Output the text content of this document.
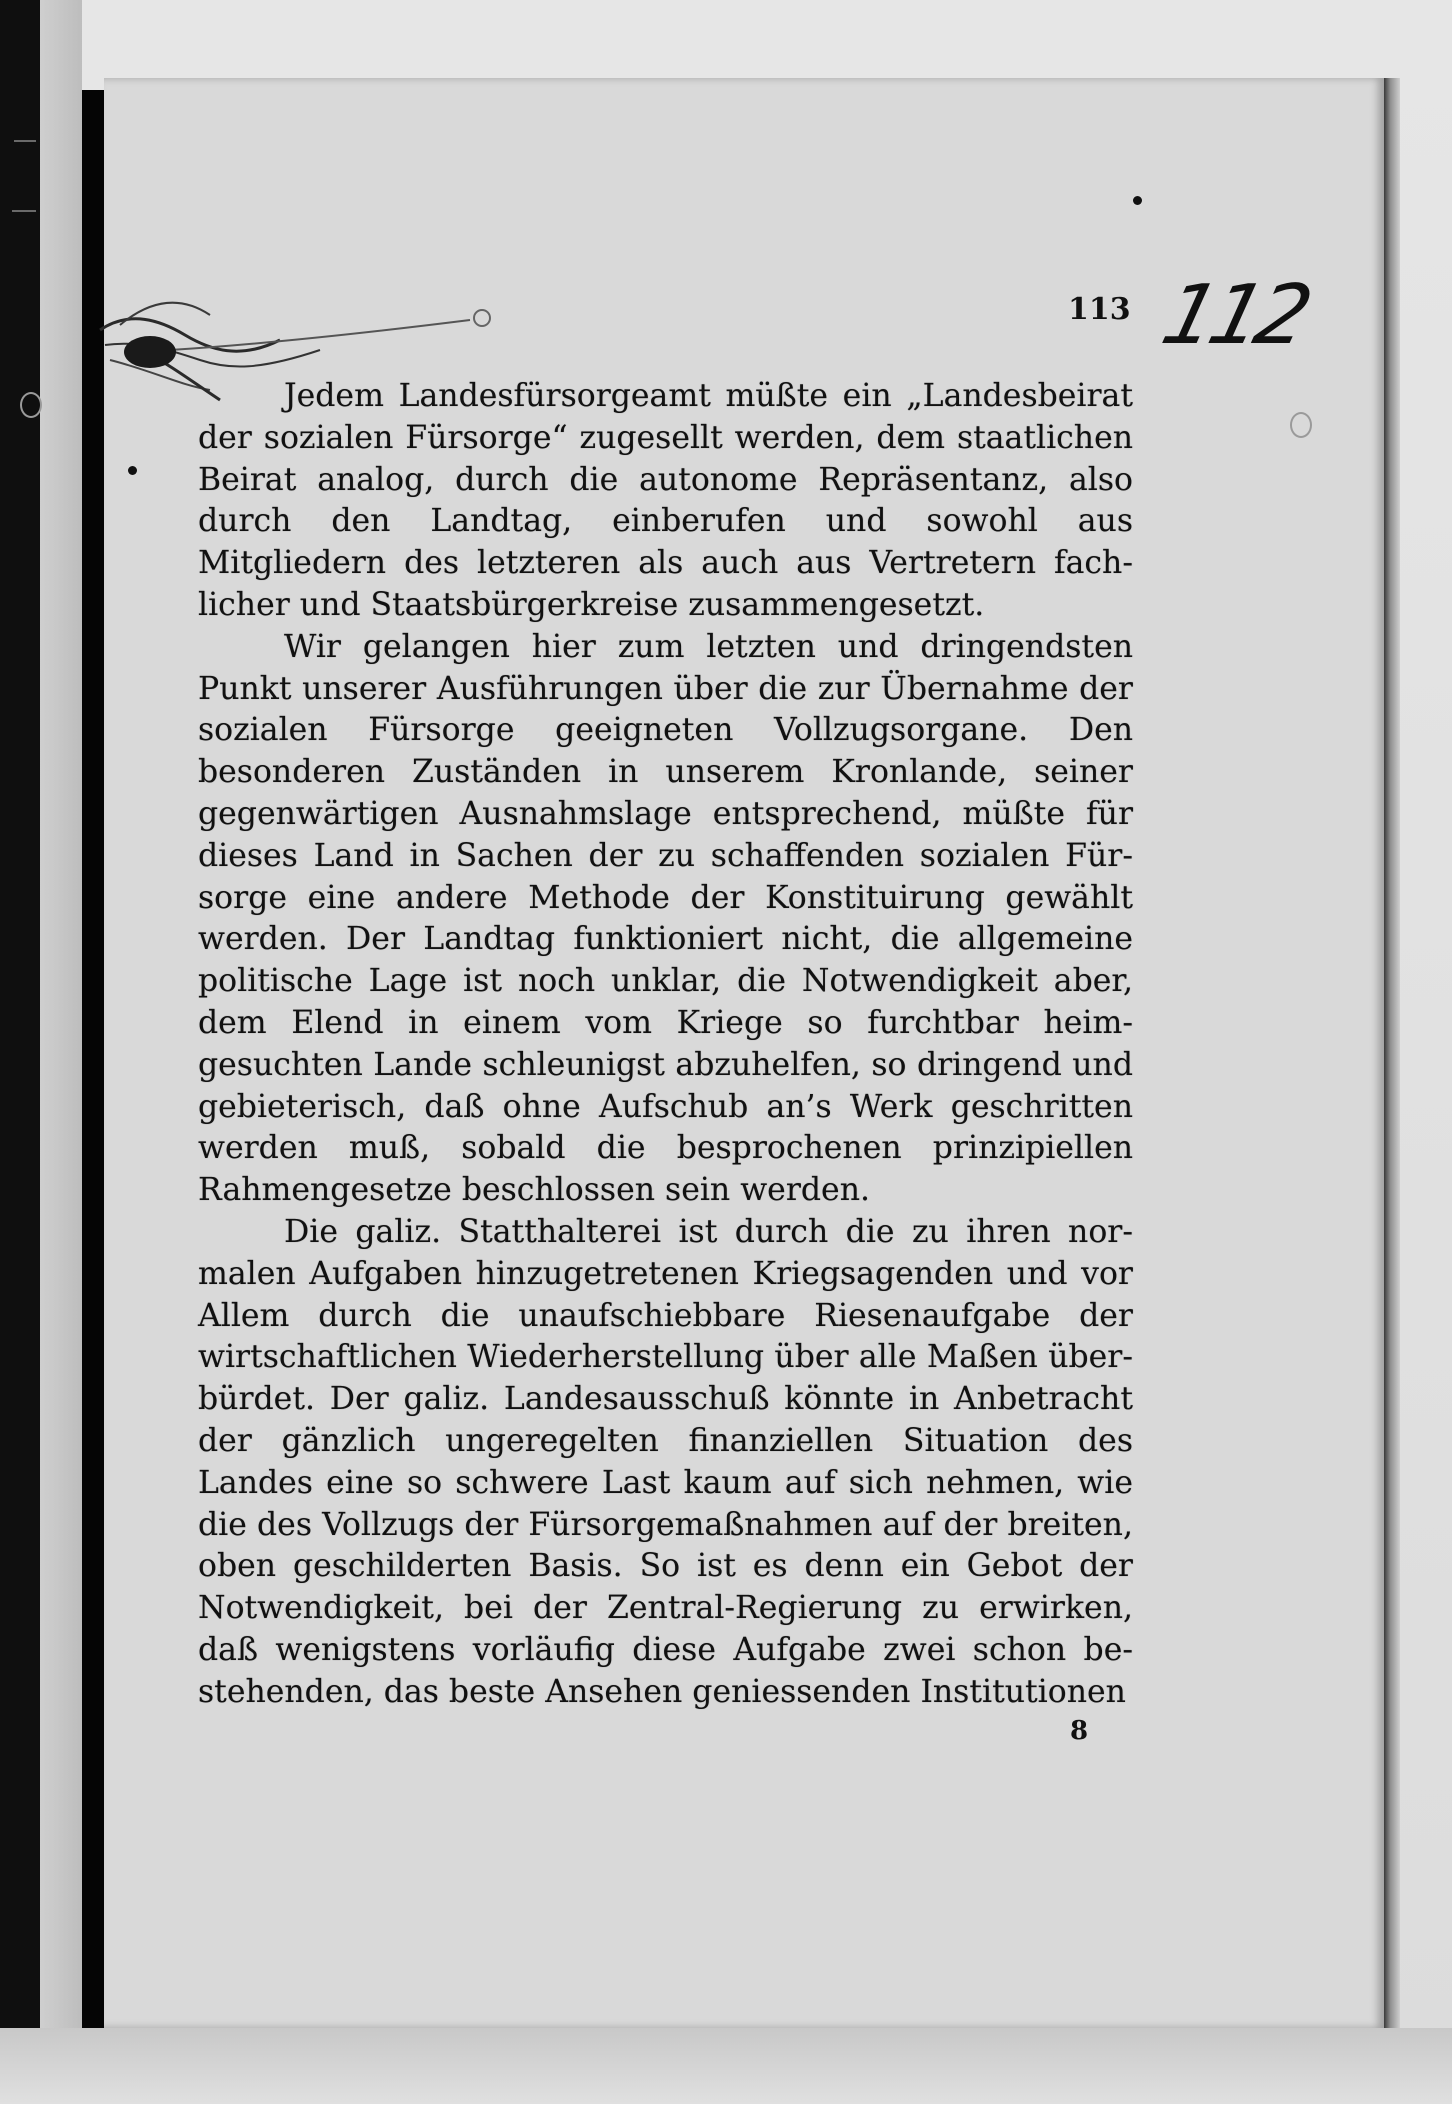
113 112

Jedem Landesfürsorgeamt müßte ein „Landesbeirat der sozialen Fürsorge“ zugesellt werden, dem staatlichen Beirat analog, durch die autonome Repräsentanz, also durch den Landtag, einberufen und sowohl aus Mitgliedern des letzteren als auch aus Vertretern fachlicher und Staatsbürgerkreise zusammengesetzt.

Wir gelangen hier zum letzten und dringendsten Punkt unserer Ausführungen über die zur Übernahme der sozialen Fürsorge geeigneten Vollzugsorgane. Den besonderen Zuständen in unserem Kronlande, seiner gegenwärtigen Ausnahmslage entsprechend, müßte für dieses Land in Sachen der zu schaffenden sozialen Fürsorge eine andere Methode der Konstituirung gewählt werden. Der Landtag funktioniert nicht, die allgemeine politische Lage ist noch unklar, die Notwendigkeit aber, dem Elend in einem vom Kriege so furchtbar heimgesuchten Lande schleunigst abzuhelfen, so dringend und gebieterisch, daß ohne Aufschub an’s Werk geschritten werden muß, sobald die besprochenen prinzipiellen Rahmengesetze beschlossen sein werden.

Die galiz. Statthalterei ist durch die zu ihren normalen Aufgaben hinzugetretenen Kriegsagenden und vor Allem durch die unaufschiebbare Riesenaufgabe der wirtschaftlichen Wiederherstellung über alle Maßen überbürdet. Der galiz. Landesausschuß könnte in Anbetracht der gänzlich ungeregelten finanziellen Situation des Landes eine so schwere Last kaum auf sich nehmen, wie die des Vollzugs der Fürsorgemaßnahmen auf der breiten, oben geschilderten Basis. So ist es denn ein Gebot der Notwendigkeit, bei der Zentral-Regierung zu erwirken, daß wenigstens vorläufig diese Aufgabe zwei schon bestehenden, das beste Ansehen geniessenden Institutionen

8
